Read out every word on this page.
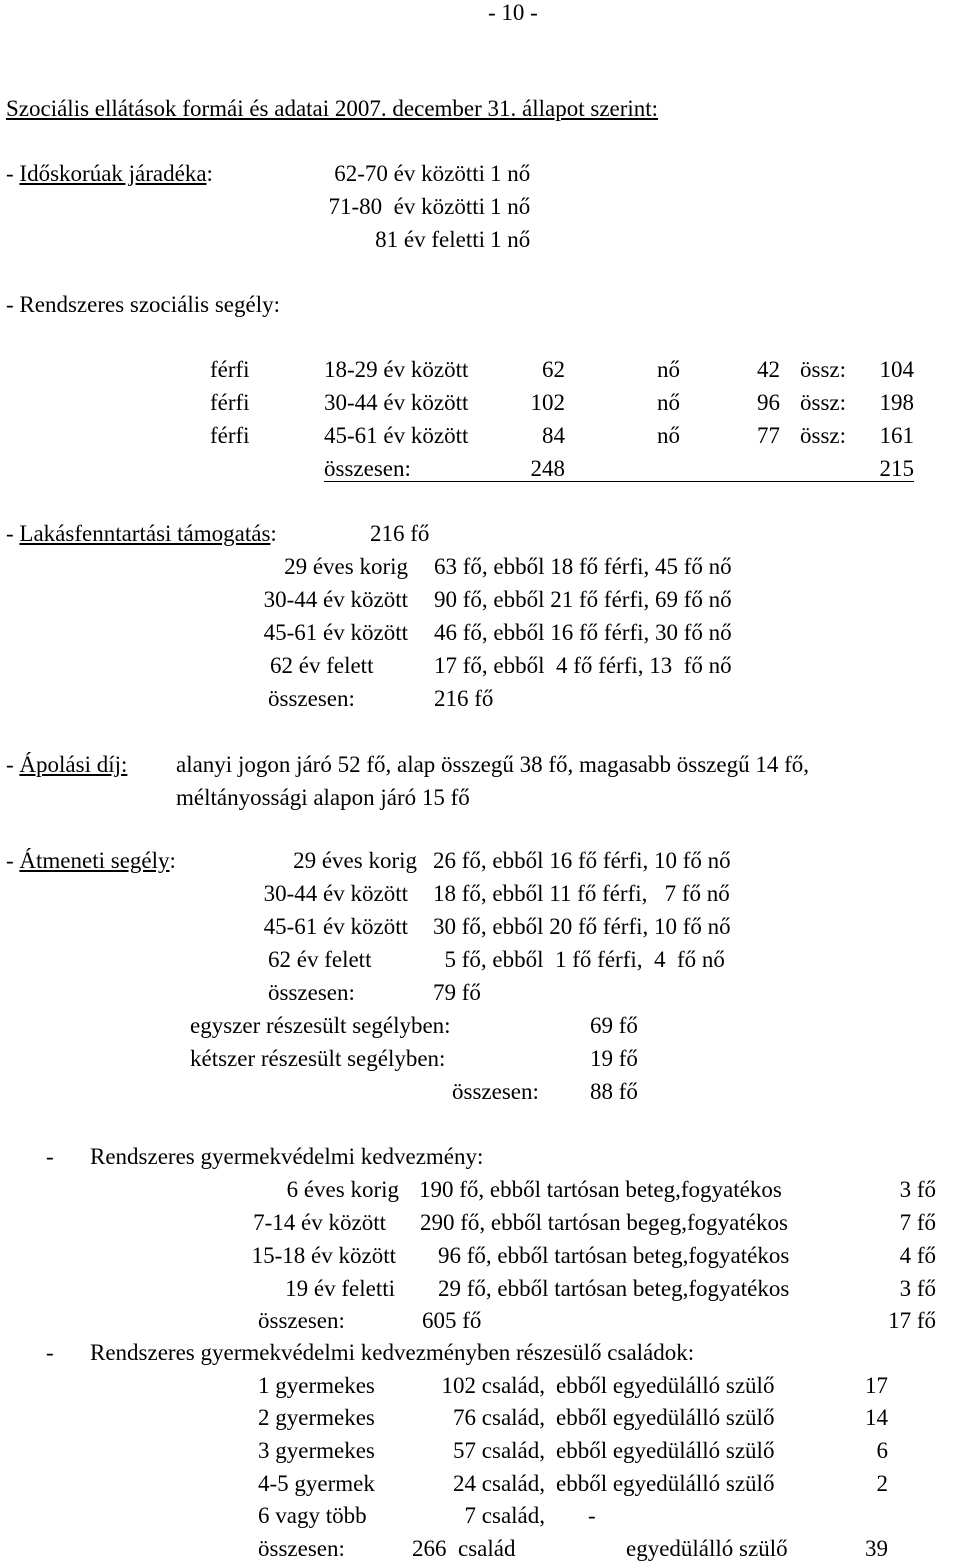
- 10 -
Szociális ellátások formái és adatai 2007. december 31. állapot szerint:
- Időskorúak járadéka:	62-70 év közötti 1 nő
71-80  év közötti 1 nő
81 év feletti 1 nő
- Rendszeres szociális segély:
férfi	18-29 év között	62	nő	42 össz:	104
férfi	30-44 év között	102	nő	96 össz:	198
férfi	45-61 év között	84	nő	77 össz:	161
összesen:	248	215
- Lakásfenntartási támogatás:	216 fő
29 éves korig 63 fő, ebből 18 fő férfi, 45 fő nő
30-44 év között 90 fő, ebből 21 fő férfi, 69 fő nő
45-61 év között 46 fő, ebből 16 fő férfi, 30 fő nő
62 év felett	17 fő, ebből  4 fő férfi, 13  fő nő
összesen:	216 fő
- Ápolási díj: alanyi jogon járó 52 fő, alap összegű 38 fő, magasabb összegű 14 fő,
méltányossági alapon járó 15 fő
- Átmeneti segély:	29 éves korig 26 fő, ebből 16 fő férfi, 10 fő nő
30-44 év között 18 fő, ebből 11 fő férfi,   7 fő nő
45-61 év között 30 fő, ebből 20 fő férfi, 10 fő nő
62 év felett	5 fő, ebből  1 fő férfi,  4  fő nő
összesen:	79 fő
egyszer részesült segélyben:	69 fő
kétszer részesült segélyben:	19 fő
összesen: 88 fő
- Rendszeres gyermekvédelmi kedvezmény:
6 éves korig 190 fő, ebből tartósan beteg,fogyatékos	3 fő
7-14 év között 290 fő, ebből tartósan begeg,fogyatékos	7 fő
15-18 év között 96 fő, ebből tartósan beteg,fogyatékos	4 fő
19 év feletti 29 fő, ebből tartósan beteg,fogyatékos	3 fő
összesen:	605 fő	17 fő
- Rendszeres gyermekvédelmi kedvezményben részesülő családok:
1 gyermekes	102 család, ebből egyedülálló szülő	17
2 gyermekes	76 család, ebből egyedülálló szülő	14
3 gyermekes	57 család, ebből egyedülálló szülő	6
4-5 gyermek	24 család, ebből egyedülálló szülő	2
6 vagy több	7 család, -
összesen:	266  család	egyedülálló szülő	39
